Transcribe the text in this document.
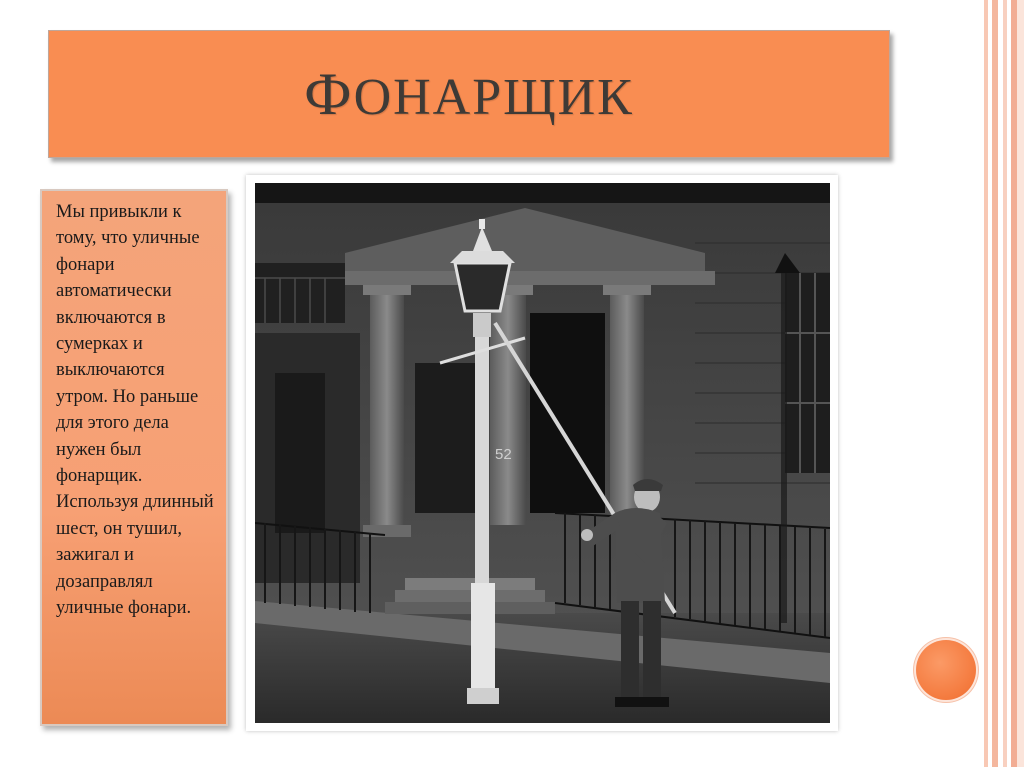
ФОНАРЩИК

Мы привыкли к тому, что уличные фонари автоматически включаются в сумерках и выключаются утром. Но раньше для этого дела нужен был фонарщик. Используя длинный шест, он тушил, зажигал и дозаправлял уличные фонари.

52
